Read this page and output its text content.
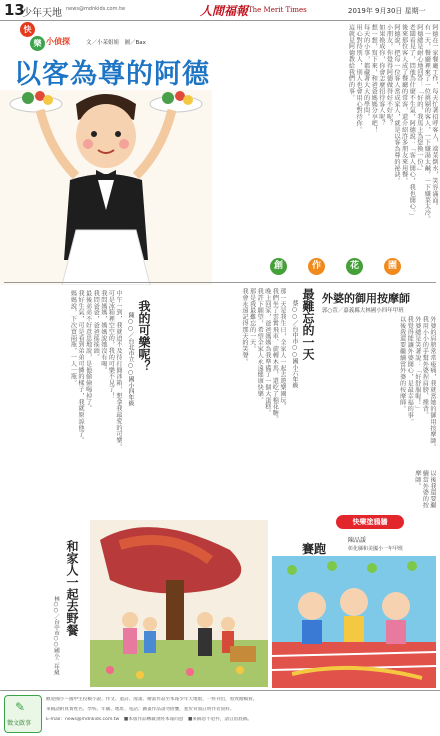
13
少年天地 news@mdnkids.com.tw	人間福報 The Merit Times	2019年 9月30日 星期一
快
樂 小偵探	文／小茉姐姐　圖／Bax
以客為尊的阿德	阿德在一家餐廳工作，每天忙著招呼客人，端菜倒水，笑容滿面。

有一天，餐廳裡來了一位挑剔的客人，一下嫌湯太鹹，一下嫌菜太冷。

阿德總是耐心地回答：「好的，我馬上為您換一份。」

老闆看見了，問他為什麼不生氣，阿德說：「客人開心，我也開心。」

後來那位客人成了餐廳的常客，還介紹許多朋友來用餐。

阿德說，把每一位客人當成家人，就是以客為尊的祕訣。

小朋友，你覺得阿德做得好不好呢？

如果換成你，你會怎麼招待客人呢？

想一想，寫下來，和爸爸媽媽分享吧！

每天的小事，都藏著大大的學問。

用心對待別人，別人也會用心對待你。

這就是阿德教給我們的事。

創	作	花	園
外婆的御用按摩師
郭○萱／嘉義縣大林國小四年甲班

外婆的肩膀常常痠痛，我就當她的御用按摩師。

我用小小的手幫外婆捏肩膀、捶背。

外婆總是笑著說：「好舒服喔！」

我覺得能讓外婆開心，是最幸福的事。

以後我還要繼續當外婆的按摩師。

最難忘的一天
蔡○○／台中市○○國小六年級

那一天是我生日，全家人一起去遊樂園玩。

我們坐了雲霄飛車、旋轉木馬，還吃了棉花糖。

晚上回家，爸爸媽媽為我準備了一個大蛋糕。

我許下願望，希望全家人永遠健康快樂。

那是我最難忘的一天。

我會永遠記得那天的笑聲。

我的可樂呢？
陳○○／台北市立○○國小四年級

中午一到，我就迫不及待打開冰箱，想拿我最愛的可樂。

可是冰箱裡空空的，我的可樂不見了！

我問媽媽，媽媽說她沒有喝。

我問爸爸，爸爸搖搖頭。

最後弟弟不好意思地說，是他偷偷喝掉了。

我好生氣，可是看到弟弟可憐的樣子，我就原諒他了。

媽媽說，下次買兩瓶，一人一瓶。

以後我還要繼續當外婆的按摩師。

快樂塗鴉牆
和家人一起去野餐
林○○／台中市○○國小二年級
賽跑
陳品諼
彰化縣和美國小一年甲班
✎
徵文啟事
歡迎國小～國中生投稿小說、作文、童詩、漫畫、繪畫作品至本報少年天地版，一經刊出，將致贈稿費。
來稿請附真實姓名、學校、年級、地址、電話；圖畫作品請勿摺疊，並於背面註明作者資料。
E-mail：news@mdnkids.com.tw　■本版作品轉載須經本報同意　■來稿恕不退件，請自留底稿。
